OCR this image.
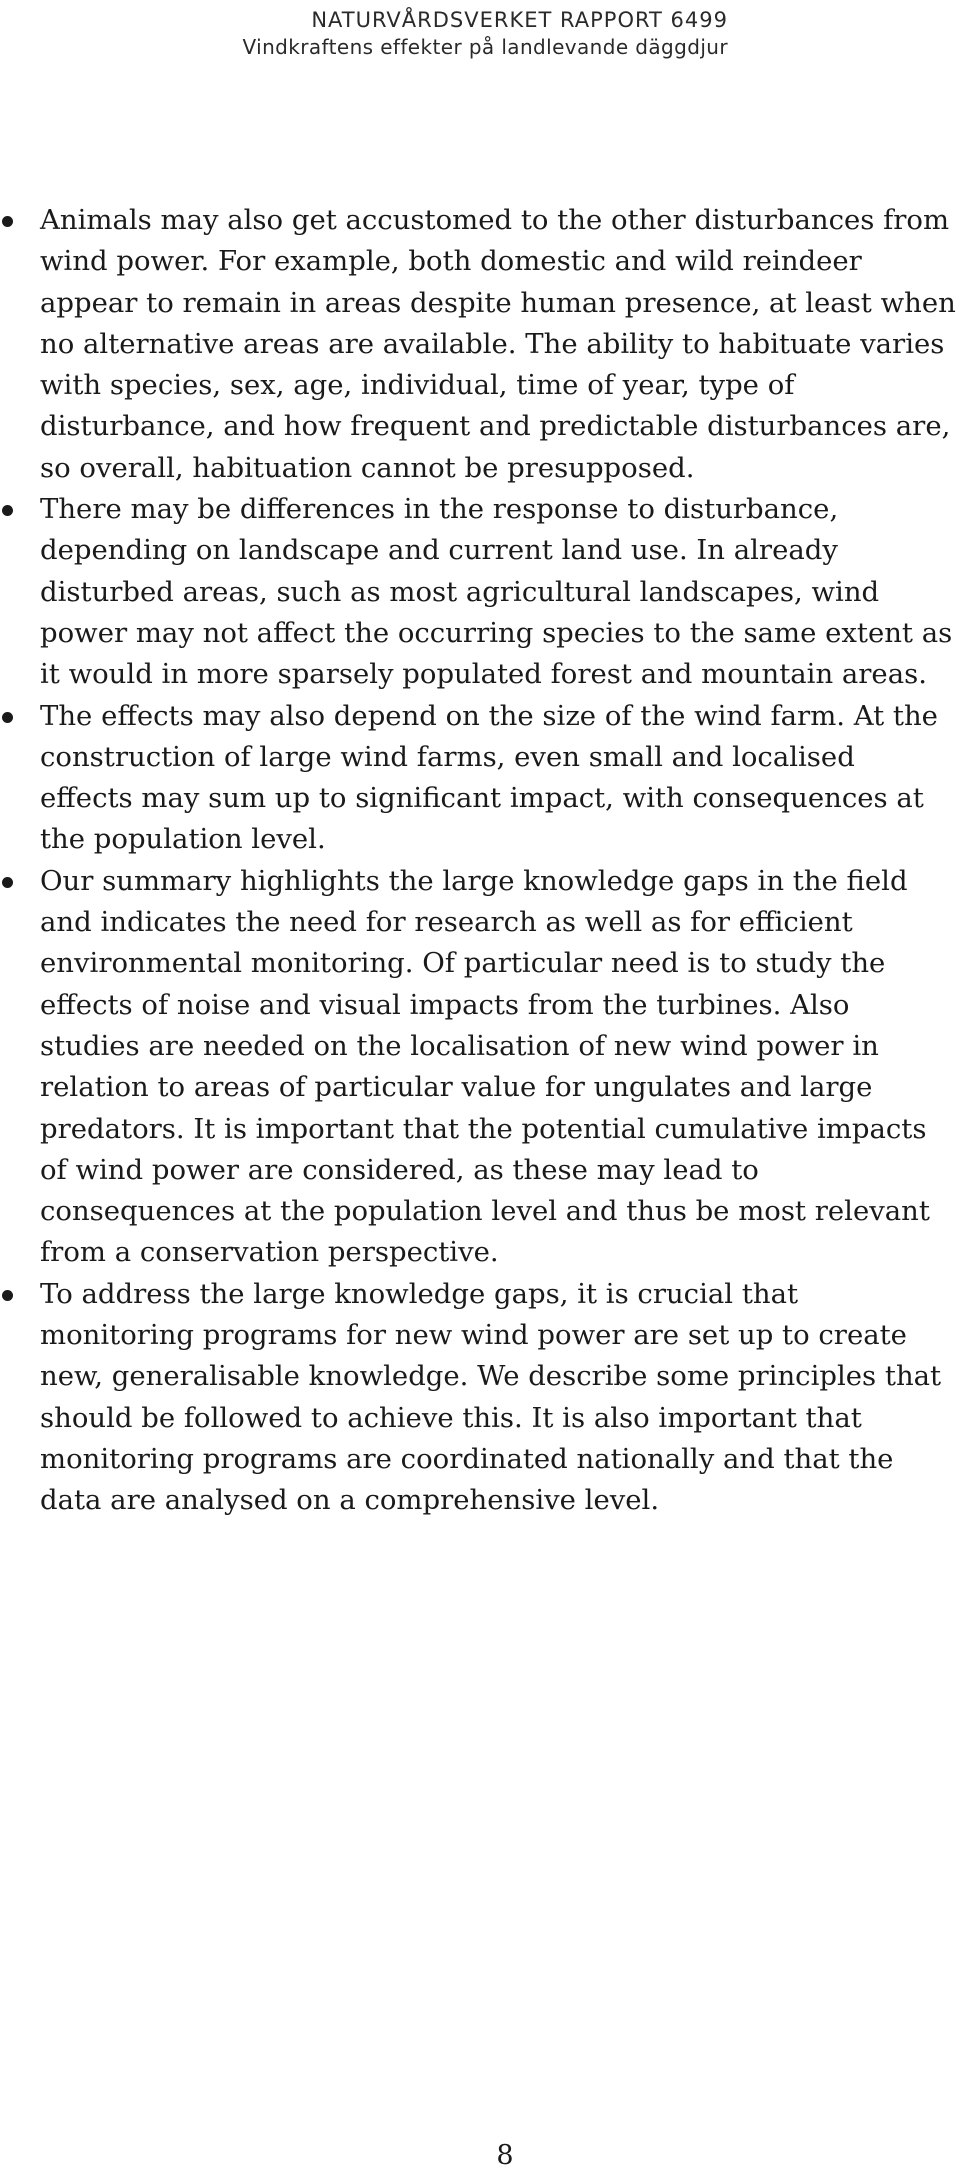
NATURVÅRDSVERKET RAPPORT 6499
Vindkraftens effekter på landlevande däggdjur
Animals may also get accustomed to the other disturbances from wind power. For example, both domestic and wild reindeer appear to remain in areas despite human presence, at least when no alternative areas are available. The ability to habituate varies with species, sex, age, individual, time of year, type of disturbance, and how frequent and predictable disturbances are, so overall, habituation cannot be presupposed.
There may be differences in the response to disturbance, depending on landscape and current land use. In already disturbed areas, such as most agricultural landscapes, wind power may not affect the occurring species to the same extent as it would in more sparsely populated forest and mountain areas.
The effects may also depend on the size of the wind farm. At the construction of large wind farms, even small and localised effects may sum up to significant impact, with consequences at the population level.
Our summary highlights the large knowledge gaps in the field and indicates the need for research as well as for efficient environmental monitoring. Of particular need is to study the effects of noise and visual impacts from the turbines. Also studies are needed on the localisation of new wind power in relation to areas of particular value for ungulates and large predators. It is important that the potential cumulative impacts of wind power are considered, as these may lead to consequences at the population level and thus be most relevant from a conservation perspective.
To address the large knowledge gaps, it is crucial that monitoring programs for new wind power are set up to create new, generalisable knowledge. We describe some principles that should be followed to achieve this. It is also important that monitoring programs are coordinated nationally and that the data are analysed on a comprehensive level.
8
